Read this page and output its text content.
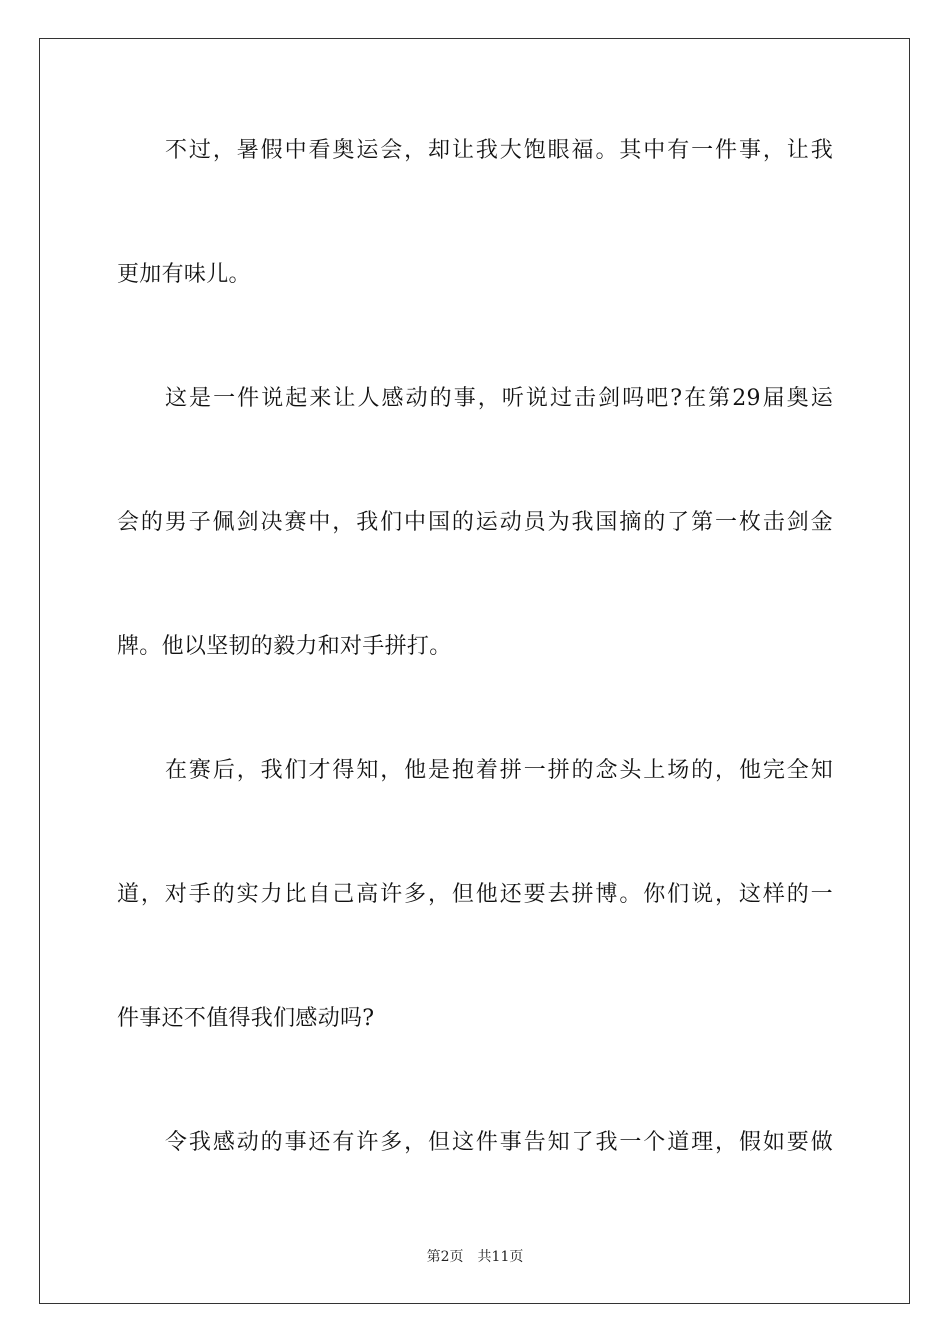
不过，暑假中看奥运会，却让我大饱眼福。其中有一件事，让我
更加有味儿。
这是一件说起来让人感动的事，听说过击剑吗吧?在第29届奥运
会的男子佩剑决赛中，我们中国的运动员为我国摘的了第一枚击剑金
牌。他以坚韧的毅力和对手拼打。
在赛后，我们才得知，他是抱着拼一拼的念头上场的，他完全知
道，对手的实力比自己高许多，但他还要去拼博。你们说，这样的一
件事还不值得我们感动吗?
令我感动的事还有许多，但这件事告知了我一个道理，假如要做
第2页 共11页
